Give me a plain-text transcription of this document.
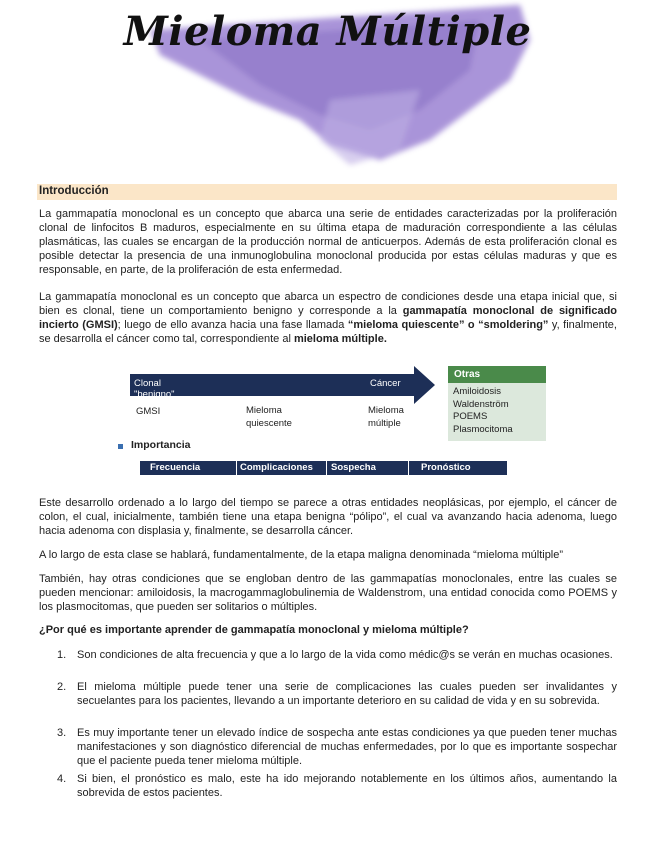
Mieloma Múltiple
Introducción
La gammapatía monoclonal es un concepto que abarca una serie de entidades caracterizadas por la proliferación clonal de linfocitos B maduros, especialmente en su última etapa de maduración correspondiente a las células plasmáticas, las cuales se encargan de la producción normal de anticuerpos. Además de esta proliferación clonal es posible detectar la presencia de una inmunoglobulina monoclonal producida por estas células maduras y que es responsable, en parte, de la proliferación de esta enfermedad.
La gammapatía monoclonal es un concepto que abarca un espectro de condiciones desde una etapa inicial que, si bien es clonal, tiene un comportamiento benigno y corresponde a la gammapatía monoclonal de significado incierto (GMSI); luego de ello avanza hacia una fase llamada “mieloma quiescente” o “smoldering” y, finalmente, se desarrolla el cáncer como tal, correspondiente al mieloma múltiple.
Clonal "benigno"
Cáncer
GMSI	Mieloma
quiescente
Mieloma
múltiple
Otras
Amiloidosis
Waldenström
POEMS
Plasmocitoma
Importancia
Frecuencia	Complicaciones Sospecha	Pronóstico
Este desarrollo ordenado a lo largo del tiempo se parece a otras entidades neoplásicas, por ejemplo, el cáncer de colon, el cual, inicialmente, también tiene una etapa benigna “pólipo”, el cual va avanzando hacia adenoma, luego hacia adenoma con displasia y, finalmente, se desarrolla cáncer.
A lo largo de esta clase se hablará, fundamentalmente, de la etapa maligna denominada “mieloma múltiple”
También, hay otras condiciones que se engloban dentro de las gammapatías monoclonales, entre las cuales se pueden mencionar: amiloidosis, la macrogammaglobulinemia de Waldenstrom, una entidad conocida como POEMS y los plasmocitomas, que pueden ser solitarios o múltiples.
¿Por qué es importante aprender de gammapatía monoclonal y mieloma múltiple?
1. Son condiciones de alta frecuencia y que a lo largo de la vida como médic@s se verán en muchas ocasiones.
2. El mieloma múltiple puede tener una serie de complicaciones las cuales pueden ser invalidantes y secuelantes para los pacientes, llevando a un importante deterioro en su calidad de vida y en su sobrevida.
3. Es muy importante tener un elevado índice de sospecha ante estas condiciones ya que pueden tener muchas manifestaciones y son diagnóstico diferencial de muchas enfermedades, por lo que es importante sospechar que el paciente pueda tener mieloma múltiple.
4. Si bien, el pronóstico es malo, este ha ido mejorando notablemente en los últimos años, aumentando la sobrevida de estos pacientes.
